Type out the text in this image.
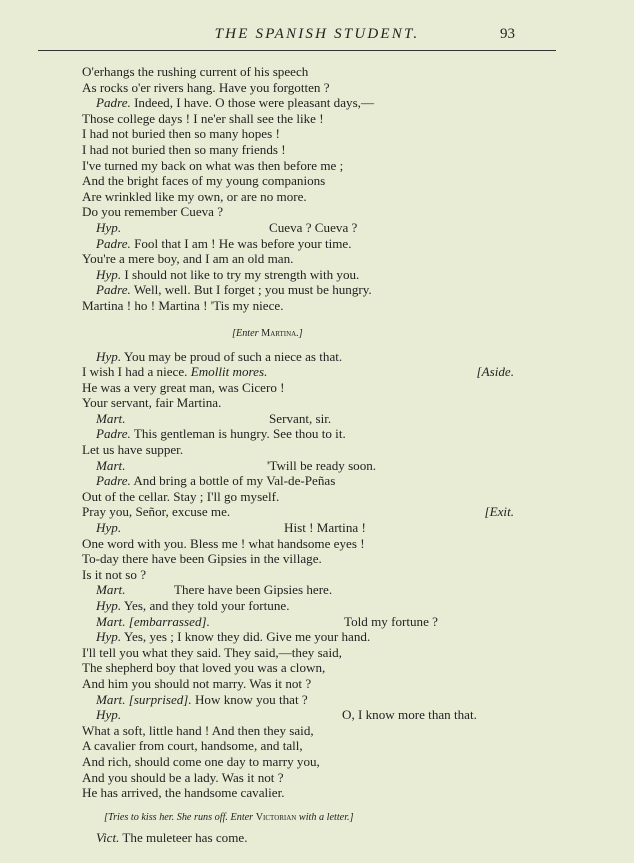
THE SPANISH STUDENT.	93
O'erhangs the rushing current of his speech
As rocks o'er rivers hang. Have you forgotten ?
Padre. Indeed, I have. O those were pleasant days,—
Those college days ! I ne'er shall see the like !
I had not buried then so many hopes !
I had not buried then so many friends !
I've turned my back on what was then before me ;
And the bright faces of my young companions
Are wrinkled like my own, or are no more.
Do you remember Cueva ?
Hyp.	Cueva ? Cueva ?
Padre. Fool that I am ! He was before your time.
You're a mere boy, and I am an old man.
Hyp. I should not like to try my strength with you.
Padre. Well, well. But I forget ; you must be hungry.
Martina ! ho ! Martina ! 'Tis my niece.
[Enter Martina.]
Hyp. You may be proud of such a niece as that.
I wish I had a niece. Emollit mores.	[Aside.
He was a very great man, was Cicero !
Your servant, fair Martina.
Mart.	Servant, sir.
Padre. This gentleman is hungry. See thou to it.
Let us have supper.
Mart.	'Twill be ready soon.
Padre. And bring a bottle of my Val-de-Peñas
Out of the cellar. Stay ; I'll go myself.
Pray you, Señor, excuse me.	[Exit.
Hyp.	Hist ! Martina !
One word with you. Bless me ! what handsome eyes !
To-day there have been Gipsies in the village.
Is it not so ?
Mart.	There have been Gipsies here.
Hyp. Yes, and they told your fortune.
Mart. [embarrassed].	Told my fortune ?
Hyp. Yes, yes ; I know they did. Give me your hand.
I'll tell you what they said. They said,—they said,
The shepherd boy that loved you was a clown,
And him you should not marry. Was it not ?
Mart. [surprised]. How know you that ?
Hyp.	O, I know more than that.
What a soft, little hand ! And then they said,
A cavalier from court, handsome, and tall,
And rich, should come one day to marry you,
And you should be a lady. Was it not ?
He has arrived, the handsome cavalier.
[Tries to kiss her. She runs off. Enter Victorian with a letter.]
Vict. The muleteer has come.
